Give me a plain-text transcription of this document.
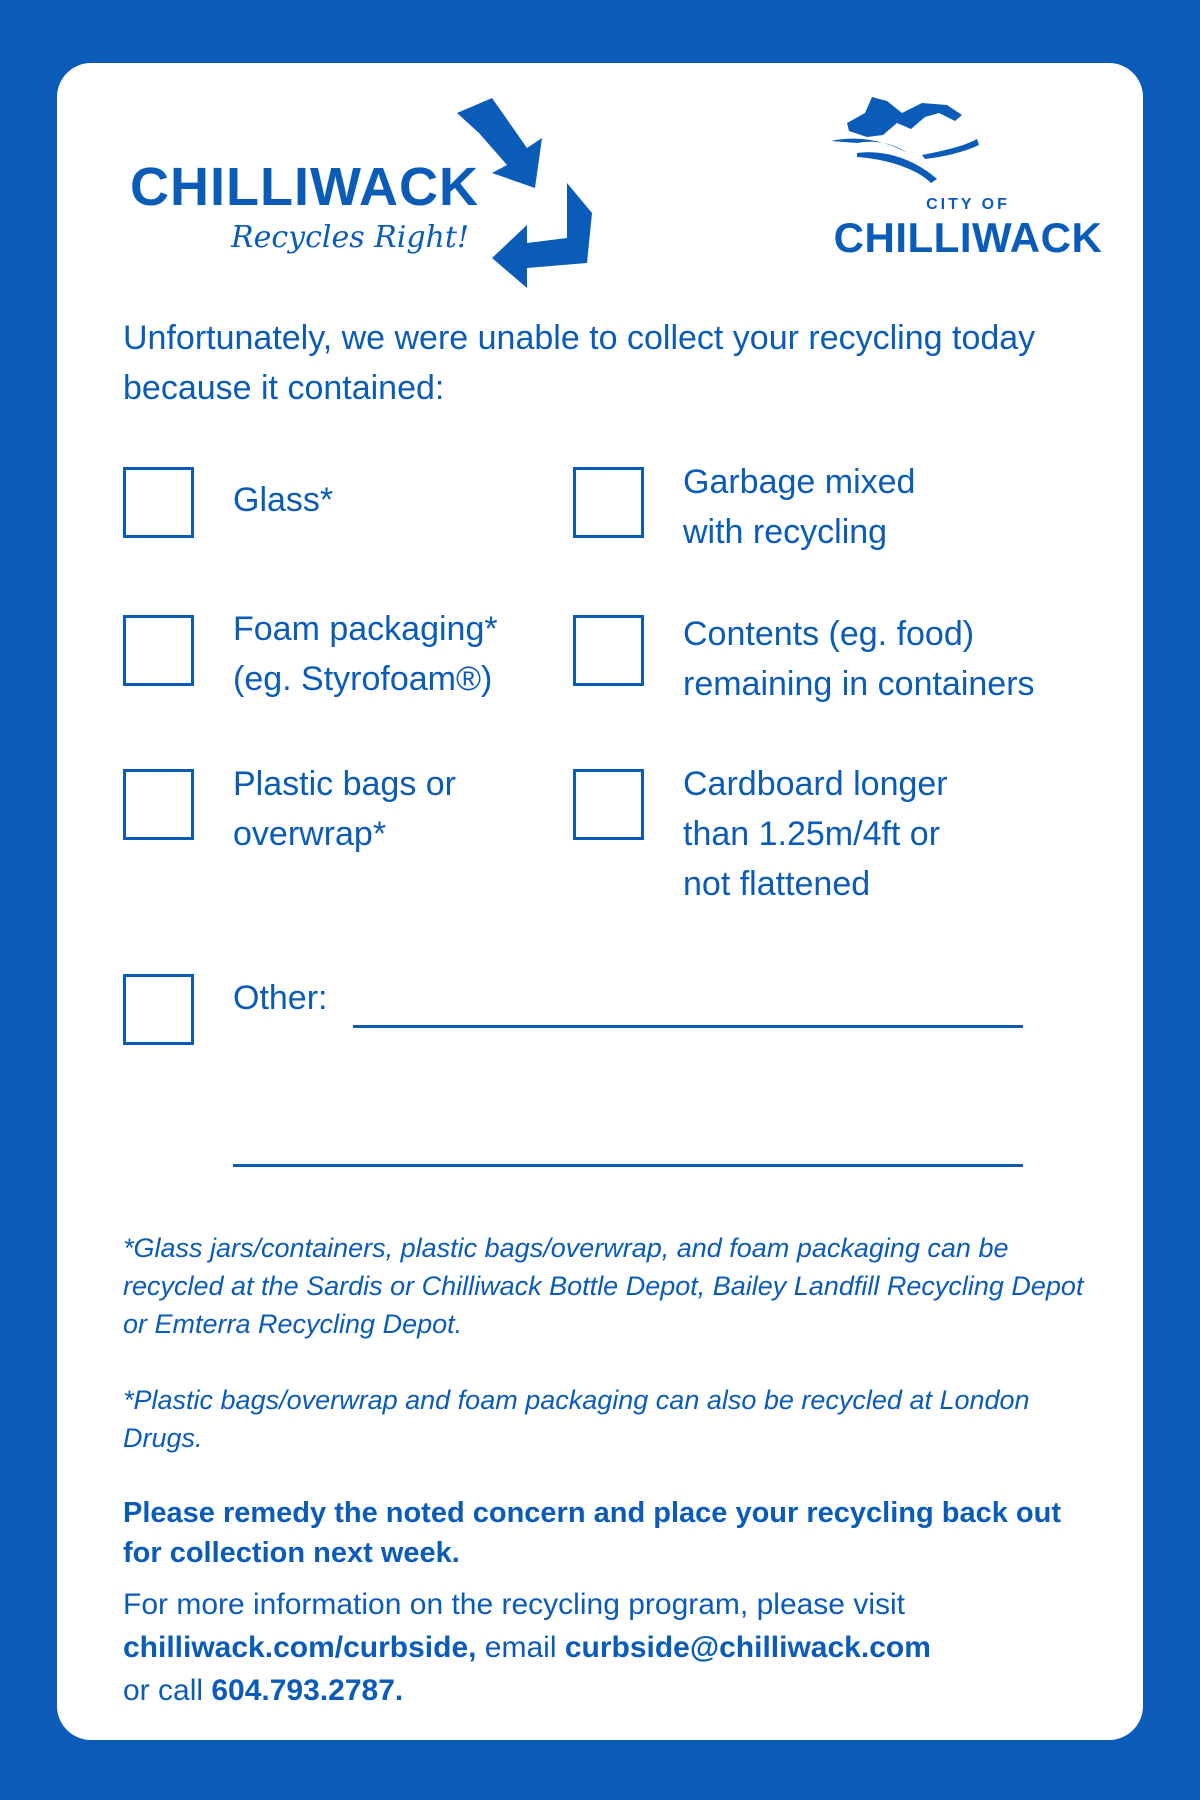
CHILLIWACK
Recycles Right!
CITY OF
CHILLIWACK
Unfortunately, we were unable to collect your recycling today because it contained:
Glass*	Garbage mixed
with recycling
Foam packaging*
(eg. Styrofoam®)
Contents (eg. food)
remaining in containers
Plastic bags or
overwrap*
Cardboard longer
than 1.25m/4ft or
not flattened
Other:
*Glass jars/containers, plastic bags/overwrap, and foam packaging can be recycled at the Sardis or Chilliwack Bottle Depot, Bailey Landfill Recycling Depot or Emterra Recycling Depot.
*Plastic bags/overwrap and foam packaging can also be recycled at London Drugs.
Please remedy the noted concern and place your recycling back out for collection next week.
For more information on the recycling program, please visit
chilliwack.com/curbside, email curbside@chilliwack.com
or call 604.793.2787.
